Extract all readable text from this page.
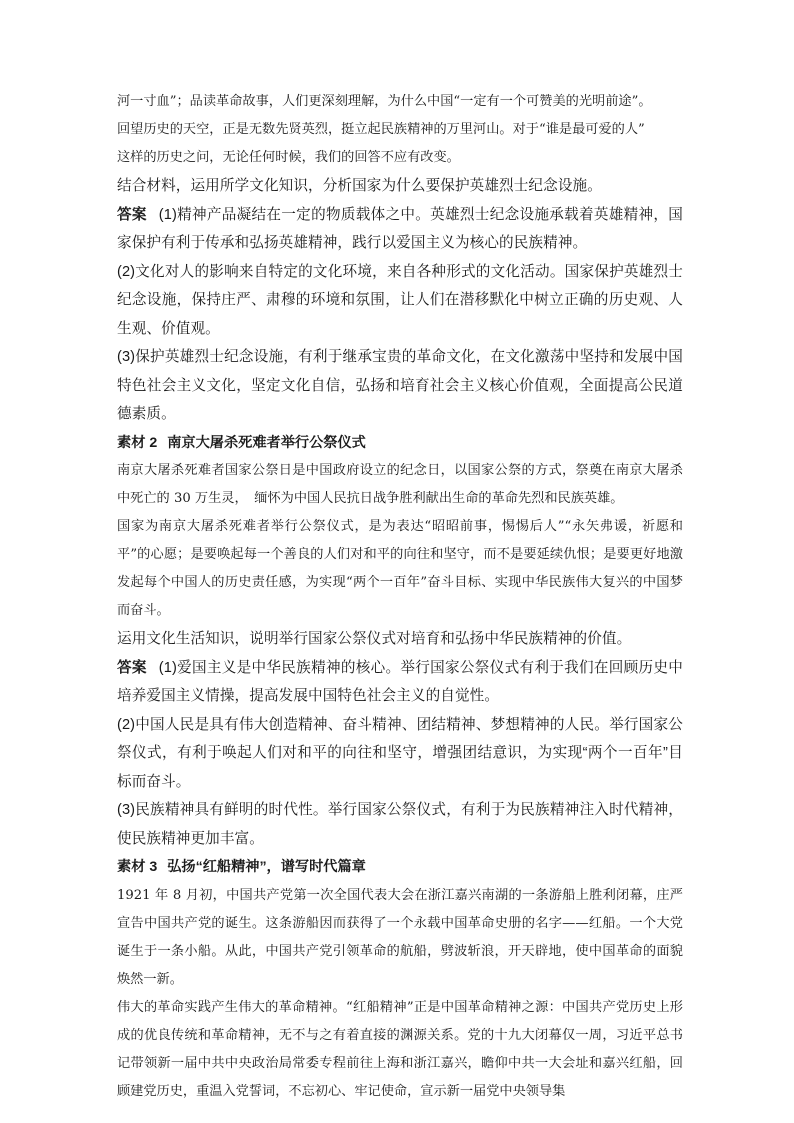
河一寸血”；品读革命故事，人们更深刻理解，为什么中国“一定有一个可赞美的光明前途”。

回望历史的天空，正是无数先贤英烈，挺立起民族精神的万里河山。对于“谁是最可爱的人”

这样的历史之问，无论任何时候，我们的回答不应有改变。

结合材料，运用所学文化知识，分析国家为什么要保护英雄烈士纪念设施。

答案 (1)精神产品凝结在一定的物质载体之中。英雄烈士纪念设施承载着英雄精神，国家保护有利于传承和弘扬英雄精神，践行以爱国主义为核心的民族精神。

(2)文化对人的影响来自特定的文化环境，来自各种形式的文化活动。国家保护英雄烈士纪念设施，保持庄严、肃穆的环境和氛围，让人们在潜移默化中树立正确的历史观、人生观、价值观。

(3)保护英雄烈士纪念设施，有利于继承宝贵的革命文化，在文化激荡中坚持和发展中国特色社会主义文化，坚定文化自信，弘扬和培育社会主义核心价值观，全面提高公民道德素质。

素材 2 南京大屠杀死难者举行公祭仪式

南京大屠杀死难者国家公祭日是中国政府设立的纪念日，以国家公祭的方式，祭奠在南京大屠杀中死亡的 30 万生灵，　缅怀为中国人民抗日战争胜利献出生命的革命先烈和民族英雄。

国家为南京大屠杀死难者举行公祭仪式，是为表达“昭昭前事，惕惕后人”“永矢弗谖，祈愿和平”的心愿；是要唤起每一个善良的人们对和平的向往和坚守，而不是要延续仇恨；是要更好地激发起每个中国人的历史责任感，为实现“两个一百年”奋斗目标、实现中华民族伟大复兴的中国梦而奋斗。

运用文化生活知识，说明举行国家公祭仪式对培育和弘扬中华民族精神的价值。

答案 (1)爱国主义是中华民族精神的核心。举行国家公祭仪式有利于我们在回顾历史中培养爱国主义情操，提高发展中国特色社会主义的自觉性。

(2)中国人民是具有伟大创造精神、奋斗精神、团结精神、梦想精神的人民。举行国家公祭仪式，有利于唤起人们对和平的向往和坚守，增强团结意识，为实现“两个一百年”目标而奋斗。

(3)民族精神具有鲜明的时代性。举行国家公祭仪式，有利于为民族精神注入时代精神，使民族精神更加丰富。

素材 3 弘扬“红船精神”，谱写时代篇章

1921 年 8 月初，中国共产党第一次全国代表大会在浙江嘉兴南湖的一条游船上胜利闭幕，庄严宣告中国共产党的诞生。这条游船因而获得了一个永载中国革命史册的名字——红船。一个大党诞生于一条小船。从此，中国共产党引领革命的航船，劈波斩浪，开天辟地，使中国革命的面貌焕然一新。

伟大的革命实践产生伟大的革命精神。“红船精神”正是中国革命精神之源：中国共产党历史上形成的优良传统和革命精神，无不与之有着直接的渊源关系。党的十九大闭幕仅一周，习近平总书记带领新一届中共中央政治局常委专程前往上海和浙江嘉兴，瞻仰中共一大会址和嘉兴红船，回顾建党历史，重温入党誓词，不忘初心、牢记使命，宣示新一届党中央领导集
